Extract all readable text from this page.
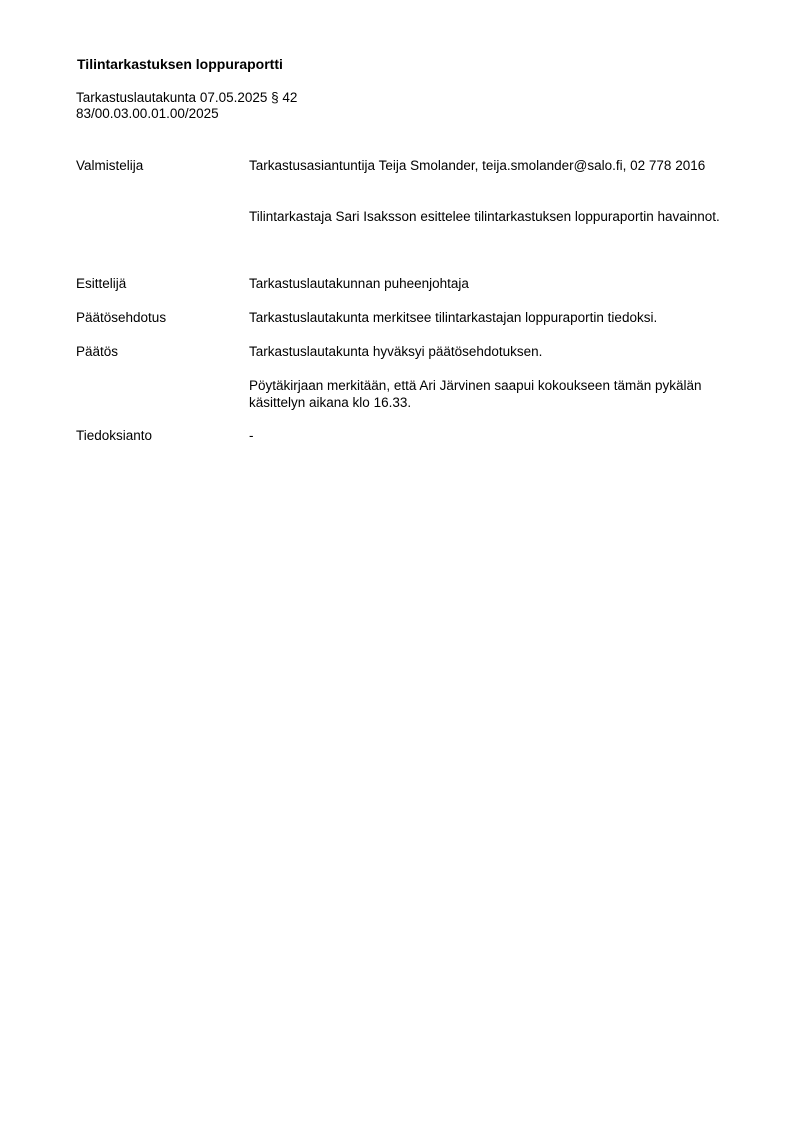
Tilintarkastuksen loppuraportti
Tarkastuslautakunta 07.05.2025 § 42
83/00.03.00.01.00/2025
Valmistelija	Tarkastusasiantuntija Teija Smolander, teija.smolander@salo.fi, 02 778 2016
Tilintarkastaja Sari Isaksson esittelee tilintarkastuksen loppuraportin havainnot.
Esittelijä	Tarkastuslautakunnan puheenjohtaja
Päätösehdotus	Tarkastuslautakunta merkitsee tilintarkastajan loppuraportin tiedoksi.
Päätös	Tarkastuslautakunta hyväksyi päätösehdotuksen.
Pöytäkirjaan merkitään, että Ari Järvinen saapui kokoukseen tämän pykälän käsittelyn aikana klo 16.33.
Tiedoksianto	-
